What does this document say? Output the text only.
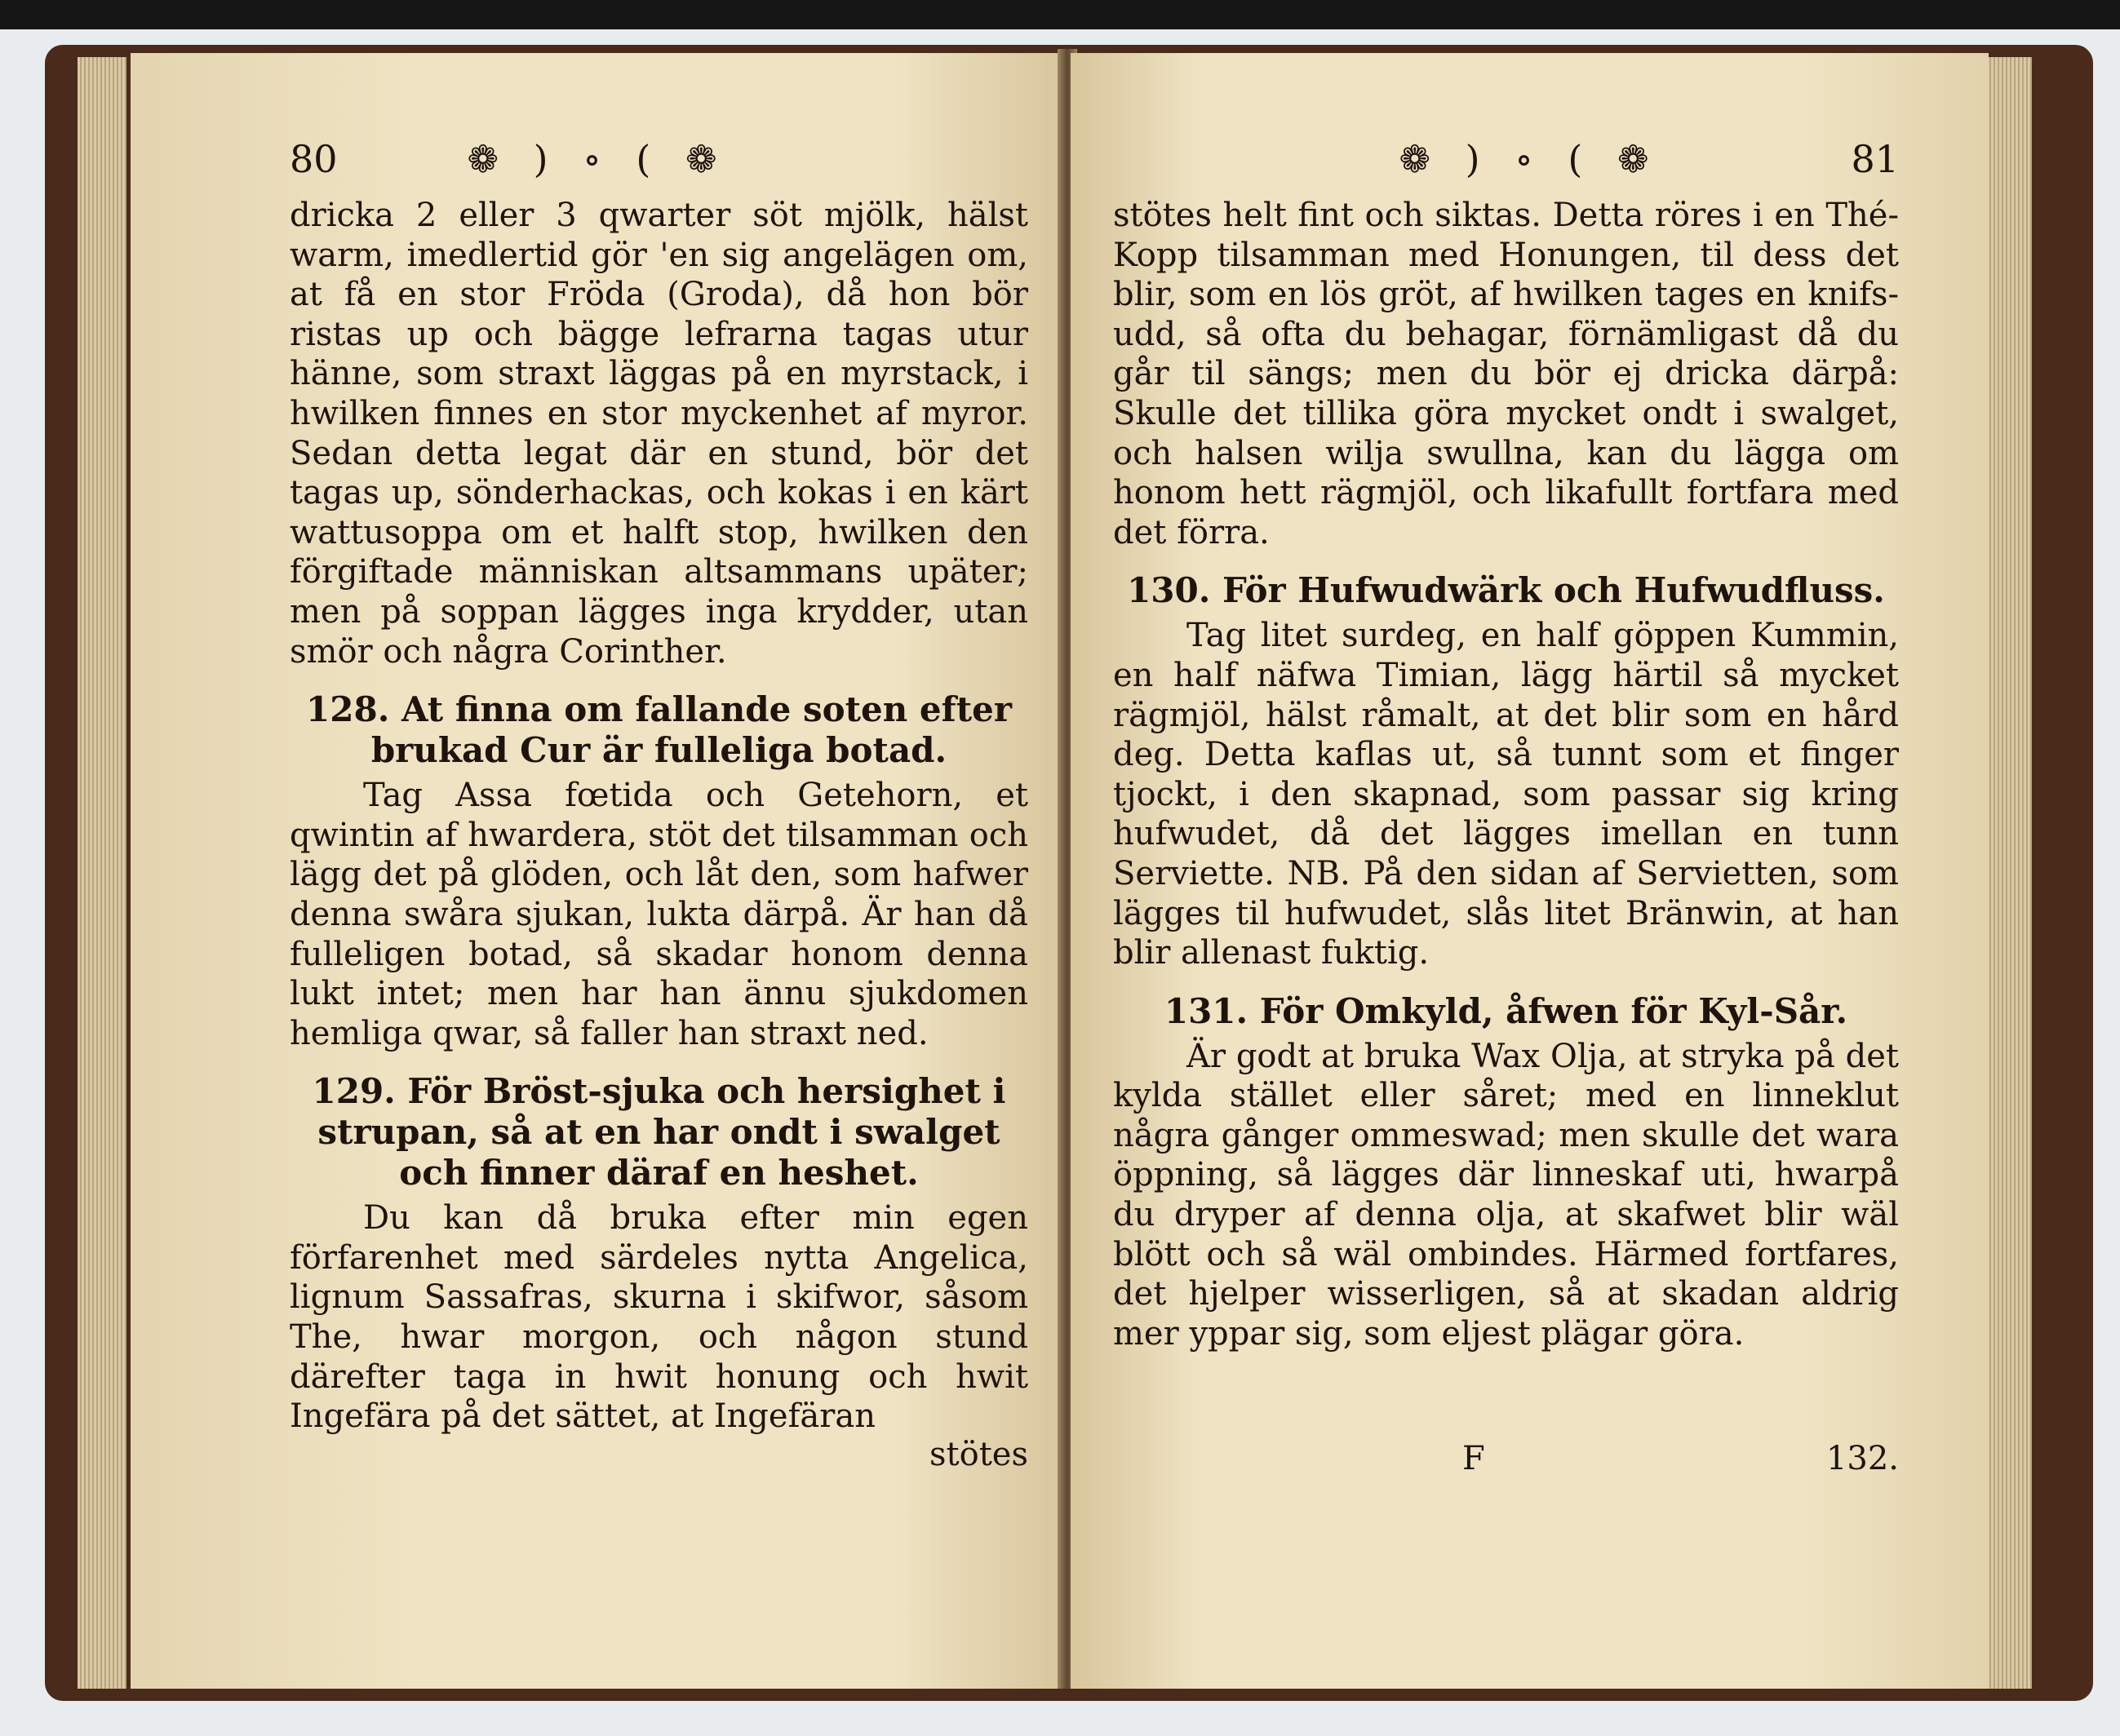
80	❁ ) ∘ ( ❁

dricka 2 eller 3 qwarter söt mjölk, hälst warm, imedlertid gör 'en sig angelägen om, at få en stor Fröda (Groda), då hon bör ristas up och bägge lefrarna tagas utur hänne, som straxt läggas på en myrstack, i hwilken finnes en stor myckenhet af myror. Sedan detta legat där en stund, bör det tagas up, sönderhackas, och kokas i en kärt wattusoppa om et halft stop, hwilken den förgiftade människan altsammans upäter; men på soppan lägges inga krydder, utan smör och några Corinther.

128. At finna om fallande soten efter brukad Cur är fulleliga botad.

Tag Assa fœtida och Getehorn, et qwintin af hwardera, stöt det tilsamman och lägg det på glöden, och låt den, som hafwer denna swåra sjukan, lukta därpå. Är han då fulleligen botad, så skadar honom denna lukt intet; men har han ännu sjukdomen hemliga qwar, så faller han straxt ned.

129. För Bröst-sjuka och hersighet i strupan, så at en har ondt i swalget och finner däraf en heshet.

Du kan då bruka efter min egen förfarenhet med särdeles nytta Angelica, lignum Sassafras, skurna i skifwor, såsom The, hwar morgon, och någon stund därefter taga in hwit honung och hwit Ingefära på det sättet, at Ingefäran

stötes
❁ ) ∘ ( ❁	81

stötes helt fint och siktas. Detta röres i en Thé-Kopp tilsamman med Honungen, til dess det blir, som en lös gröt, af hwilken tages en knifs-udd, så ofta du behagar, förnämligast då du går til sängs; men du bör ej dricka därpå: Skulle det tillika göra mycket ondt i swalget, och halsen wilja swullna, kan du lägga om honom hett rägmjöl, och likafullt fortfara med det förra.

130. För Hufwudwärk och Hufwudfluss.

Tag litet surdeg, en half göppen Kummin, en half näfwa Timian, lägg härtil så mycket rägmjöl, hälst råmalt, at det blir som en hård deg. Detta kaflas ut, så tunnt som et finger tjockt, i den skapnad, som passar sig kring hufwudet, då det lägges imellan en tunn Serviette. NB. På den sidan af Servietten, som lägges til hufwudet, slås litet Bränwin, at han blir allenast fuktig.

131. För Omkyld, åfwen för Kyl-Sår.

Är godt at bruka Wax Olja, at stryka på det kylda stället eller såret; med en linneklut några gånger ommeswad; men skulle det wara öppning, så lägges där linneskaf uti, hwarpå du dryper af denna olja, at skafwet blir wäl blött och så wäl ombindes. Härmed fortfares, det hjelper wisserligen, så at skadan aldrig mer yppar sig, som eljest plägar göra.

F	132.
